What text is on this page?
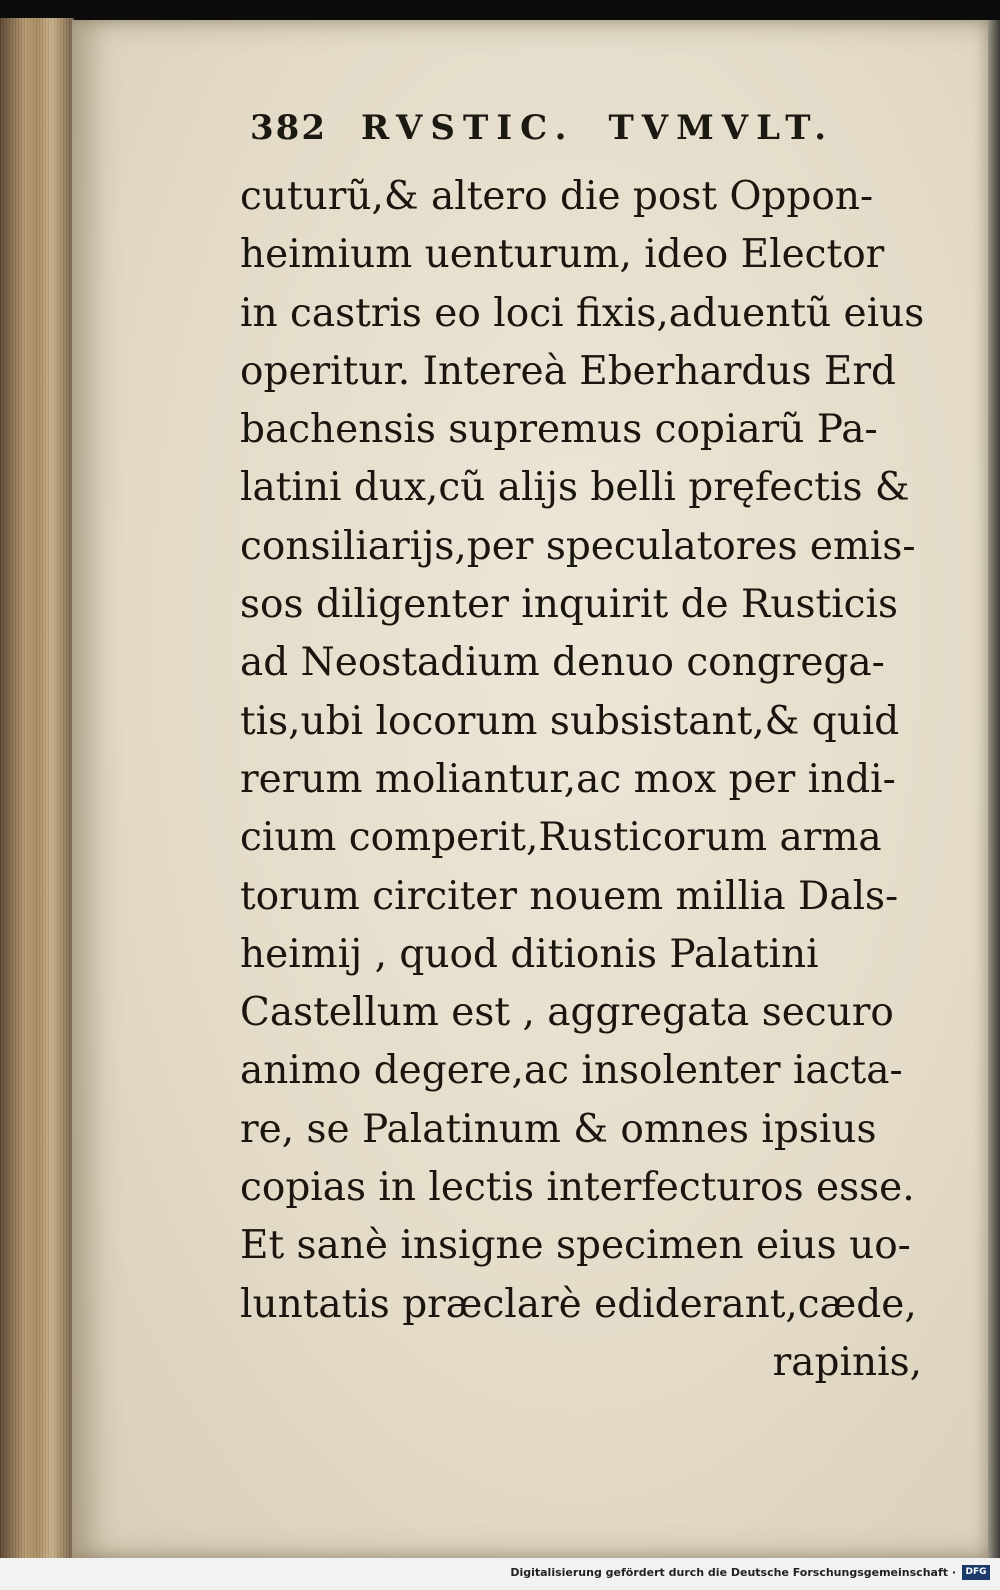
382 RVSTIC. TVMVLT.
cuturũ,& altero die post Oppon-
heimium uenturum, ideo Elector
in castris eo loci fixis,aduentũ eius
operitur. Intereà Eberhardus Erd
bachensis supremus copiarũ Pa-
latini dux,cũ alijs belli pręfectis &
consiliarijs,per speculatores emis-
sos diligenter inquirit de Rusticis
ad Neostadium denuo congrega-
tis,ubi locorum subsistant,& quid
rerum moliantur,ac mox per indi-
cium comperit,Rusticorum arma
torum circiter nouem millia Dals-
heimij , quod ditionis Palatini
Castellum est , aggregata securo
animo degere,ac insolenter iacta-
re, se Palatinum & omnes ipsius
copias in lectis interfecturos esse.
Et sanè insigne specimen eius uo-
luntatis præclarè ediderant,cæde,
rapinis,
Digitalisierung gefördert durch die Deutsche Forschungsgemeinschaft ·	DFG
